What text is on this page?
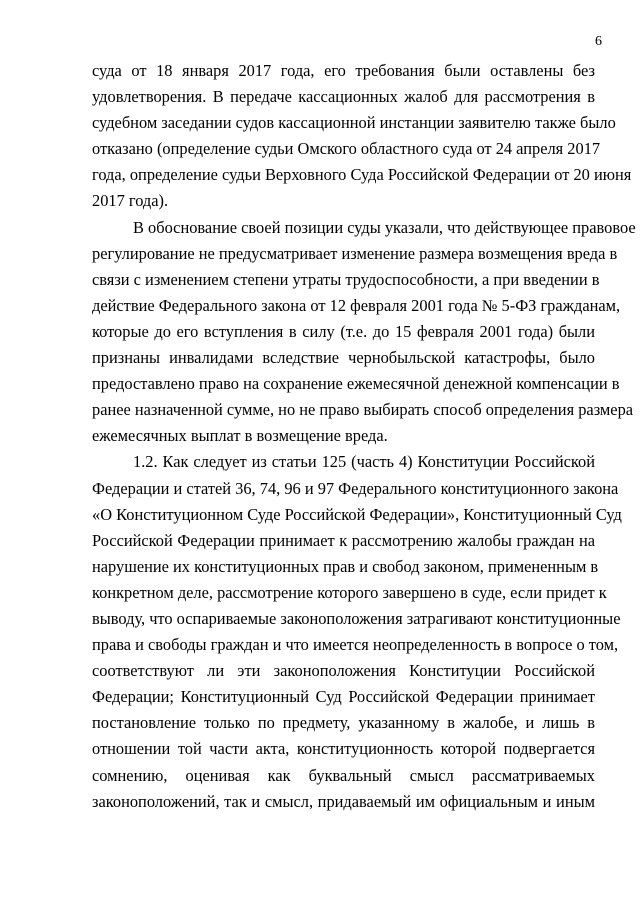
6
суда от 18 января 2017 года, его требования были оставлены без
удовлетворения. В передаче кассационных жалоб для рассмотрения в
судебном заседании судов кассационной инстанции заявителю также было
отказано (определение судьи Омского областного суда от 24 апреля 2017
года, определение судьи Верховного Суда Российской Федерации от 20 июня
2017 года).
В обоснование своей позиции суды указали, что действующее правовое
регулирование не предусматривает изменение размера возмещения вреда в
связи с изменением степени утраты трудоспособности, а при введении в
действие Федерального закона от 12 февраля 2001 года № 5-ФЗ гражданам,
которые до его вступления в силу (т.е. до 15 февраля 2001 года) были
признаны инвалидами вследствие чернобыльской катастрофы, было
предоставлено право на сохранение ежемесячной денежной компенсации в
ранее назначенной сумме, но не право выбирать способ определения размера
ежемесячных выплат в возмещение вреда.
1.2. Как следует из статьи 125 (часть 4) Конституции Российской
Федерации и статей 36, 74, 96 и 97 Федерального конституционного закона
«О Конституционном Суде Российской Федерации», Конституционный Суд
Российской Федерации принимает к рассмотрению жалобы граждан на
нарушение их конституционных прав и свобод законом, примененным в
конкретном деле, рассмотрение которого завершено в суде, если придет к
выводу, что оспариваемые законоположения затрагивают конституционные
права и свободы граждан и что имеется неопределенность в вопросе о том,
соответствуют ли эти законоположения Конституции Российской
Федерации; Конституционный Суд Российской Федерации принимает
постановление только по предмету, указанному в жалобе, и лишь в
отношении той части акта, конституционность которой подвергается
сомнению, оценивая как буквальный смысл рассматриваемых
законоположений, так и смысл, придаваемый им официальным и иным
